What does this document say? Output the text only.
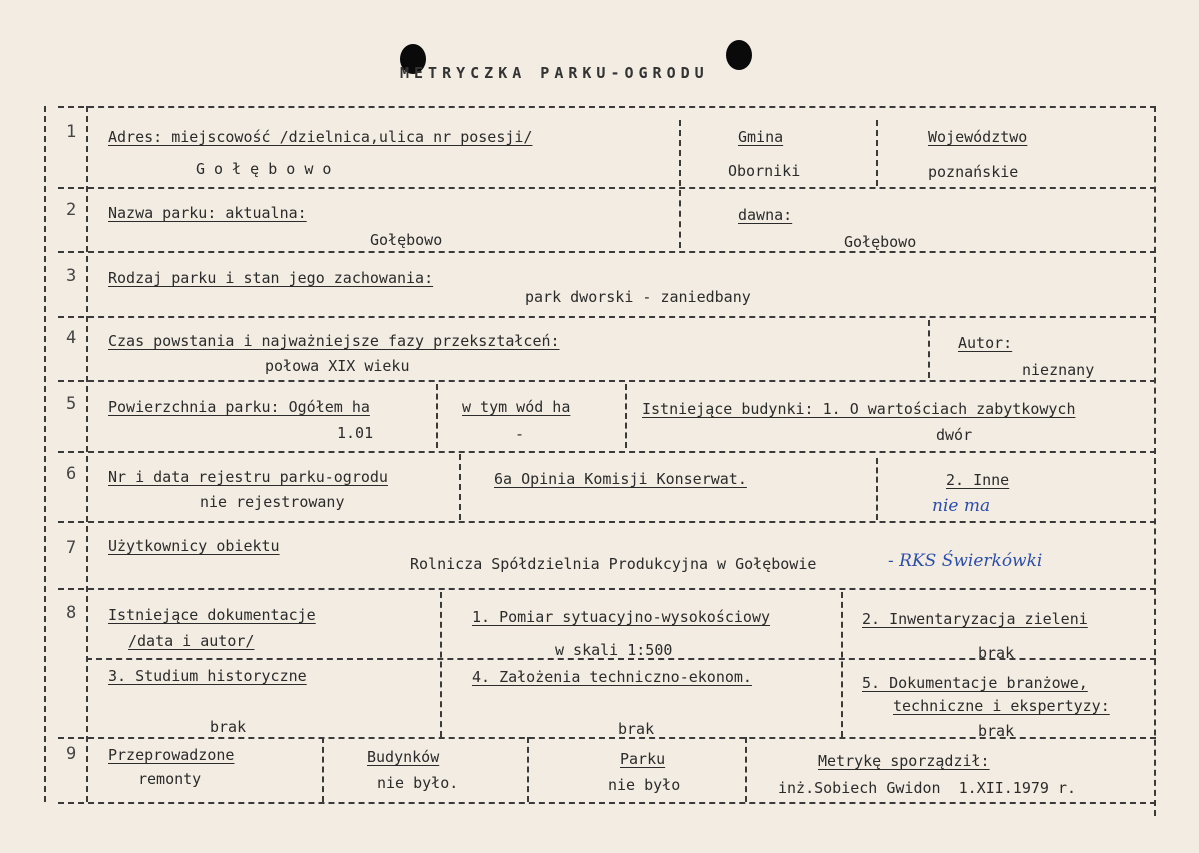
METRYCZKA PARKU-OGRODU
1 Adres: miejscowość /dzielnica,ulica nr posesji/
G o ł ę b o w o
Gmina
Oborniki
Województwo
poznańskie
2 Nazwa parku: aktualna:
Gołębowo
dawna:
Gołębowo
3 Rodzaj parku i stan jego zachowania:
park dworski - zaniedbany
4 Czas powstania i najważniejsze fazy przekształceń:
połowa XIX wieku
Autor:
nieznany
5 Powierzchnia parku: Ogółem ha
1.01
w tym wód ha
-
Istniejące budynki: 1. O wartościach zabytkowych
dwór
6 Nr i data rejestru parku-ogrodu
nie rejestrowany
6a Opinia Komisji Konserwat.	2. Inne
nie ma
7 Użytkownicy obiektu
Rolnicza Spółdzielnia Produkcyjna w Gołębowie	- RKS Świerkówki
8 Istniejące dokumentacje
/data i autor/
1. Pomiar sytuacyjno-wysokościowy
w skali 1:500
2. Inwentaryzacja zieleni
brak
3. Studium historyczne
brak
4. Założenia techniczno-ekonom.
brak
5. Dokumentacje branżowe,
techniczne i ekspertyzy:
brak
9 Przeprowadzone
remonty
Budynków
nie było.
Parku
nie było
Metrykę sporządził:
inż.Sobiech Gwidon  1.XII.1979 r.
